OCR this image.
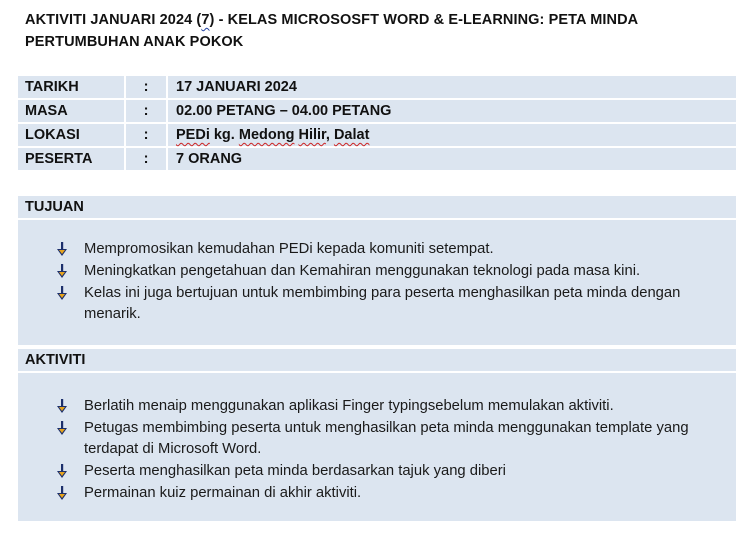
AKTIVITI JANUARI 2024 (7) - KELAS MICROSOSFT WORD & E-LEARNING: PETA MINDA PERTUMBUHAN ANAK POKOK
TARIKH	:	17 JANUARI 2024
MASA	:	02.00 PETANG – 04.00 PETANG
LOKASI	:	PEDi kg. Medong Hilir, Dalat
PESERTA	:	7 ORANG
TUJUAN
Mempromosikan kemudahan PEDi kepada komuniti setempat.
Meningkatkan pengetahuan dan Kemahiran menggunakan teknologi pada masa kini.
Kelas ini juga bertujuan untuk membimbing para peserta menghasilkan peta minda dengan menarik.
AKTIVITI
Berlatih menaip menggunakan aplikasi Finger typingsebelum memulakan aktiviti.
Petugas membimbing peserta untuk menghasilkan peta minda menggunakan template yang terdapat di Microsoft Word.
Peserta menghasilkan peta minda berdasarkan tajuk yang diberi
Permainan kuiz permainan di akhir aktiviti.
